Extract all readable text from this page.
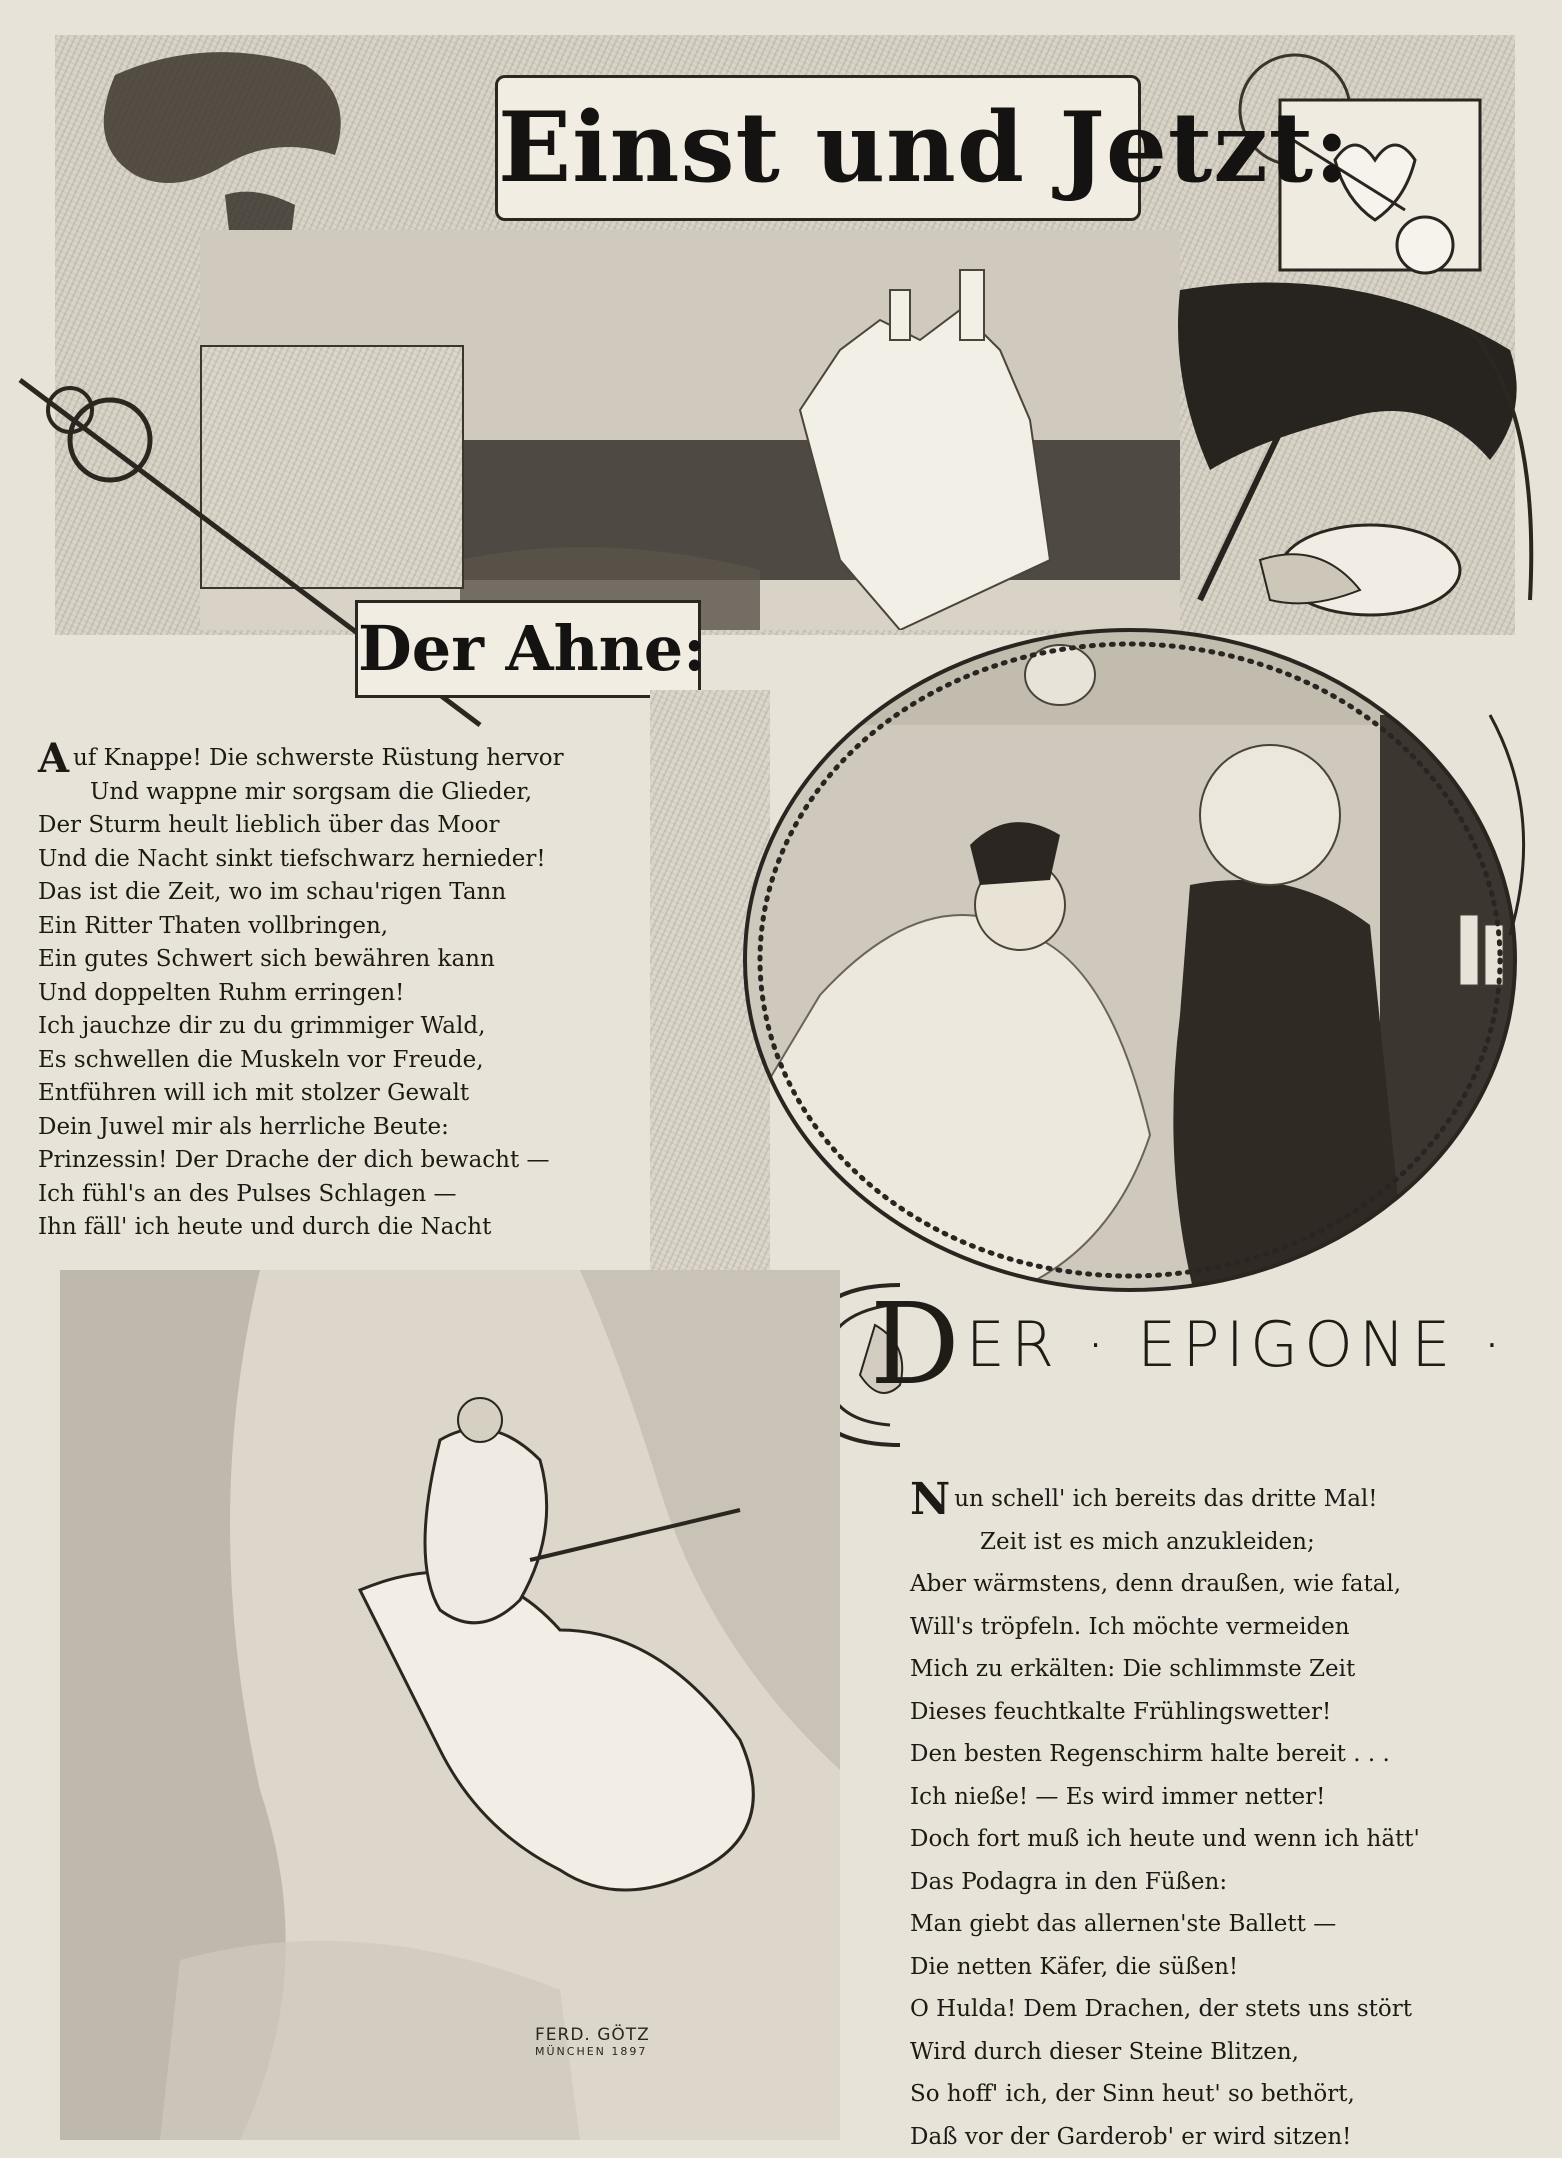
Einst und Jetzt:
Der Ahne:
Auf Knappe! Die schwerste Rüstung hervor
Und wappne mir sorgsam die Glieder,
Der Sturm heult lieblich über das Moor
Und die Nacht sinkt tiefschwarz hernieder!
Das ist die Zeit, wo im schau'rigen Tann
Ein Ritter Thaten vollbringen,
Ein gutes Schwert sich bewähren kann
Und doppelten Ruhm erringen!
Ich jauchze dir zu du grimmiger Wald,
Es schwellen die Muskeln vor Freude,
Entführen will ich mit stolzer Gewalt
Dein Juwel mir als herrliche Beute:
Prinzessin! Der Drache der dich bewacht —
Ich fühl's an des Pulses Schlagen —
Ihn fäll' ich heute und durch die Nacht
DER · EPIGONE ·
FERD. GÖTZ
MÜNCHEN 1897
Nun schell' ich bereits das dritte Mal!
Zeit ist es mich anzukleiden;
Aber wärmstens, denn draußen, wie fatal,
Will's tröpfeln. Ich möchte vermeiden
Mich zu erkälten: Die schlimmste Zeit
Dieses feuchtkalte Frühlingswetter!
Den besten Regenschirm halte bereit . . .
Ich nieße! — Es wird immer netter!
Doch fort muß ich heute und wenn ich hätt'
Das Podagra in den Füßen:
Man giebt das allernen'ste Ballett —
Die netten Käfer, die süßen!
O Hulda! Dem Drachen, der stets uns stört
Wird durch dieser Steine Blitzen,
So hoff' ich, der Sinn heut' so bethört,
Daß vor der Garderob' er wird sitzen!
